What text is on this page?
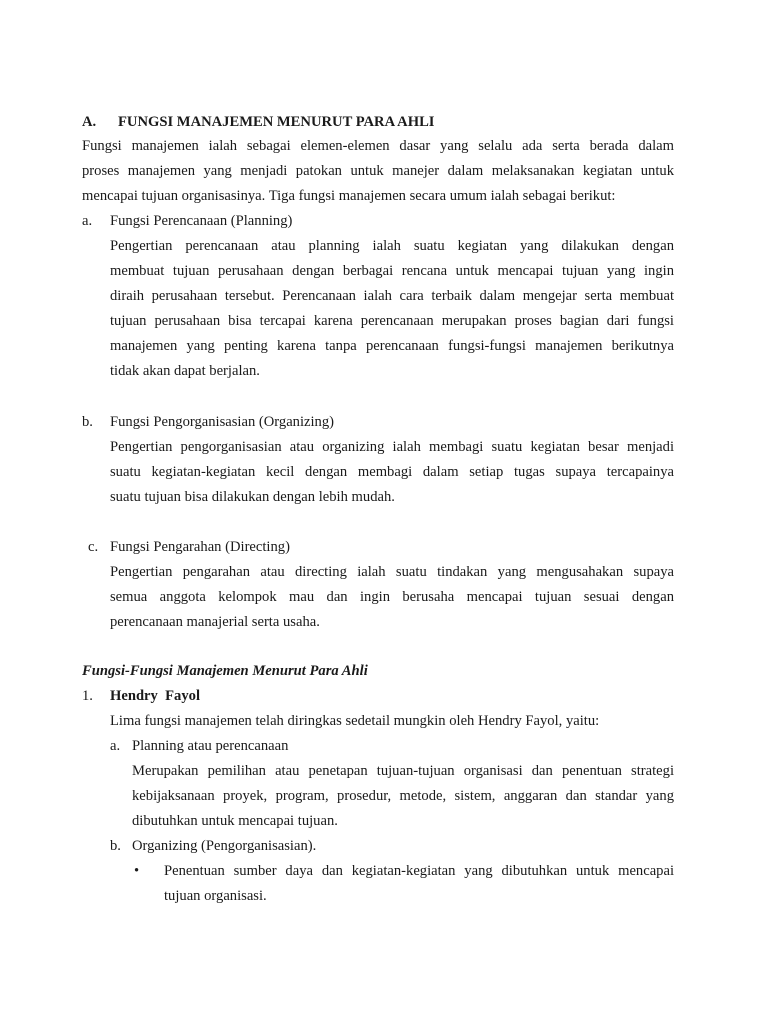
A. FUNGSI MANAJEMEN MENURUT PARA AHLI
Fungsi manajemen ialah sebagai elemen-elemen dasar yang selalu ada serta berada dalam
proses manajemen yang menjadi patokan untuk manejer dalam melaksanakan kegiatan untuk
mencapai tujuan organisasinya. Tiga fungsi manajemen secara umum ialah sebagai berikut:
a. Fungsi Perencanaan (Planning)
Pengertian perencanaan atau planning ialah suatu kegiatan yang dilakukan dengan
membuat tujuan perusahaan dengan berbagai rencana untuk mencapai tujuan yang ingin
diraih perusahaan tersebut. Perencanaan ialah cara terbaik dalam mengejar serta membuat
tujuan perusahaan bisa tercapai karena perencanaan merupakan proses bagian dari fungsi
manajemen yang penting karena tanpa perencanaan fungsi-fungsi manajemen berikutnya
tidak akan dapat berjalan.
b. Fungsi Pengorganisasian (Organizing)
Pengertian pengorganisasian atau organizing ialah membagi suatu kegiatan besar menjadi
suatu kegiatan-kegiatan kecil dengan membagi dalam setiap tugas supaya tercapainya
suatu tujuan bisa dilakukan dengan lebih mudah.
c. Fungsi Pengarahan (Directing)
Pengertian pengarahan atau directing ialah suatu tindakan yang mengusahakan supaya
semua anggota kelompok mau dan ingin berusaha mencapai tujuan sesuai dengan
perencanaan manajerial serta usaha.
Fungsi-Fungsi Manajemen Menurut Para Ahli
1. Hendry  Fayol
Lima fungsi manajemen telah diringkas sedetail mungkin oleh Hendry Fayol, yaitu:
a. Planning atau perencanaan
Merupakan pemilihan atau penetapan tujuan-tujuan organisasi dan penentuan strategi
kebijaksanaan proyek, program, prosedur, metode, sistem, anggaran dan standar yang
dibutuhkan untuk mencapai tujuan.
b. Organizing (Pengorganisasian).
• Penentuan sumber daya dan kegiatan-kegiatan yang dibutuhkan untuk mencapai
tujuan organisasi.
